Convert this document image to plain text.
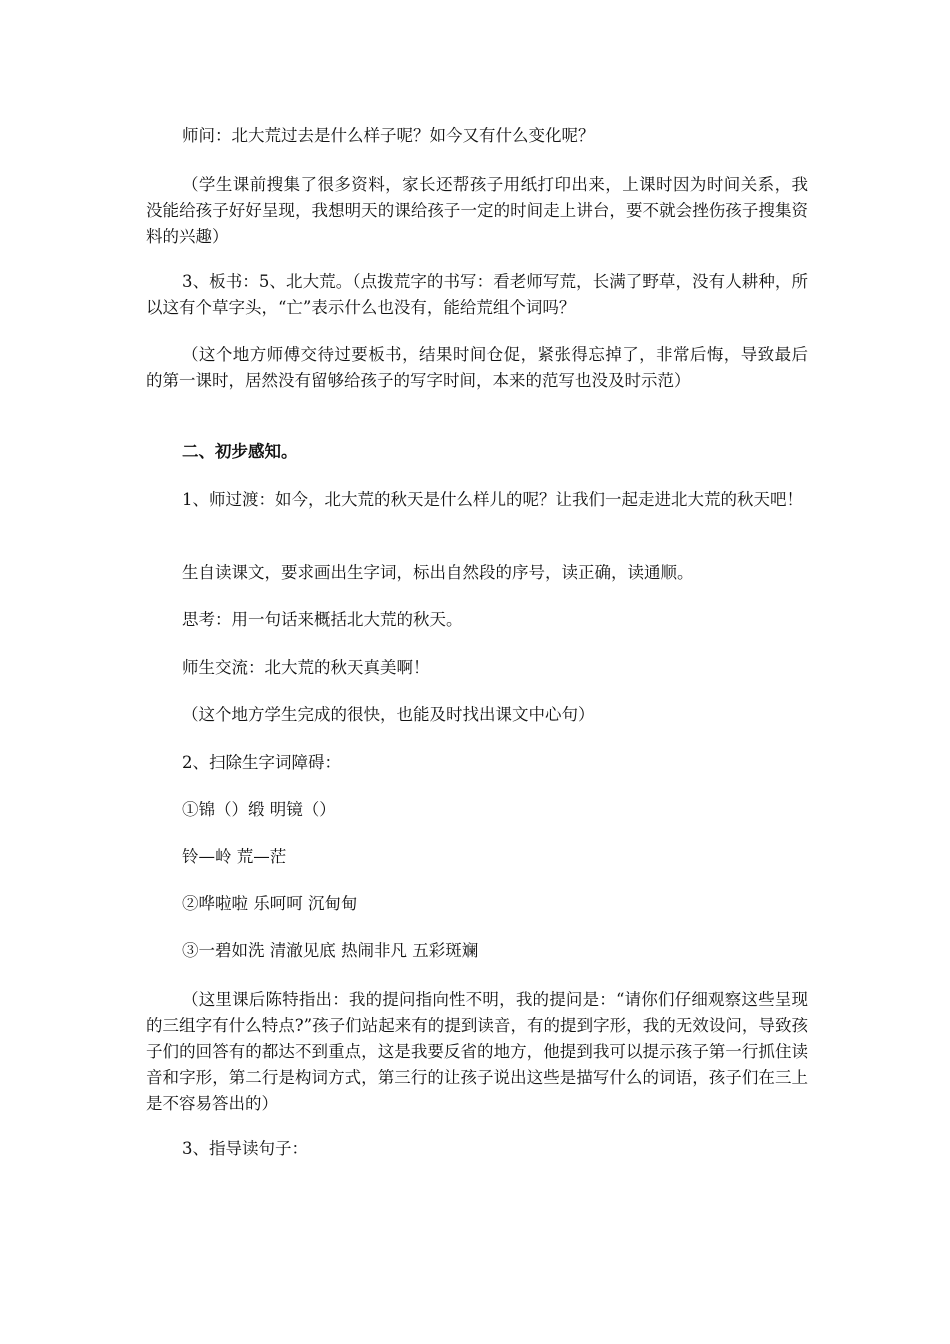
师问：北大荒过去是什么样子呢？如今又有什么变化呢？

（学生课前搜集了很多资料，家长还帮孩子用纸打印出来，上课时因为时间关系，我没能给孩子好好呈现，我想明天的课给孩子一定的时间走上讲台，要不就会挫伤孩子搜集资料的兴趣）

3、板书：5、北大荒。（点拨荒字的书写：看老师写荒，长满了野草，没有人耕种，所以这有个草字头，“亡”表示什么也没有，能给荒组个词吗？

（这个地方师傅交待过要板书，结果时间仓促，紧张得忘掉了，非常后悔，导致最后的第一课时，居然没有留够给孩子的写字时间，本来的范写也没及时示范）

二、初步感知。

1、师过渡：如今，北大荒的秋天是什么样儿的呢？让我们一起走进北大荒的秋天吧！

生自读课文，要求画出生字词，标出自然段的序号，读正确，读通顺。

思考：用一句话来概括北大荒的秋天。

师生交流：北大荒的秋天真美啊！

（这个地方学生完成的很快，也能及时找出课文中心句）

2、扫除生字词障碍：

①锦（）缎 明镜（）

铃—岭 荒—茫

②哗啦啦 乐呵呵 沉甸甸

③一碧如洗 清澈见底 热闹非凡 五彩斑斓

（这里课后陈特指出：我的提问指向性不明，我的提问是：“请你们仔细观察这些呈现的三组字有什么特点?”孩子们站起来有的提到读音，有的提到字形，我的无效设问，导致孩子们的回答有的都达不到重点，这是我要反省的地方，他提到我可以提示孩子第一行抓住读音和字形，第二行是构词方式，第三行的让孩子说出这些是描写什么的词语，孩子们在三上是不容易答出的）

3、指导读句子：
